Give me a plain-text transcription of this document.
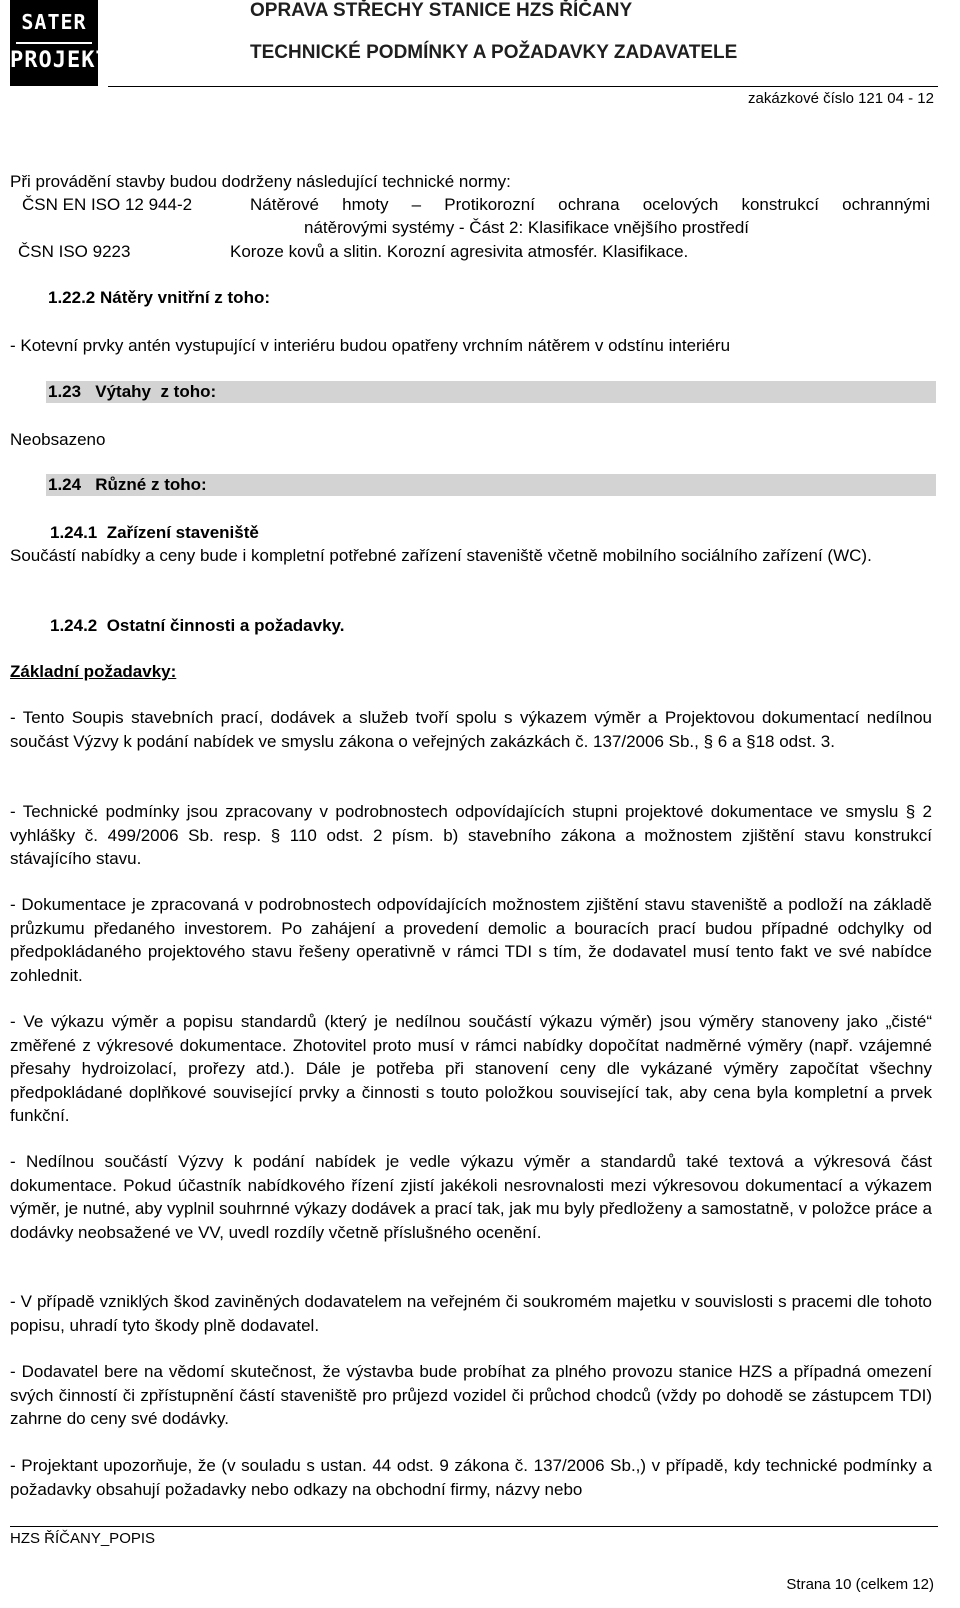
SATER
PROJEKT
OPRAVA STŘECHY STANICE HZS ŘÍČANY
TECHNICKÉ PODMÍNKY A POŽADAVKY ZADAVATELE
zakázkové číslo 121 04 - 12
Při provádění stavby budou dodrženy následující technické normy:
ČSN EN ISO 12 944-2	Nátěrové hmoty – Protikorozní ochrana ocelových konstrukcí ochrannými
nátěrovými systémy - Část 2: Klasifikace vnějšího prostředí
ČSN ISO 9223	Koroze kovů a slitin. Korozní agresivita atmosfér. Klasifikace.
1.22.2 Nátěry vnitřní z toho:
- Kotevní prvky antén vystupující v interiéru budou opatřeny vrchním nátěrem v odstínu interiéru
1.23   Výtahy  z toho:
Neobsazeno
1.24   Různé z toho:
1.24.1  Zařízení staveniště
Součástí nabídky a ceny bude i kompletní potřebné zařízení staveniště včetně mobilního sociálního zařízení (WC).
1.24.2  Ostatní činnosti a požadavky.
Základní požadavky:
- Tento Soupis stavebních prací, dodávek a služeb tvoří spolu s výkazem výměr a Projektovou dokumentací nedílnou součást Výzvy k podání nabídek ve smyslu zákona o veřejných zakázkách č. 137/2006 Sb., § 6 a §18 odst. 3.
- Technické podmínky jsou zpracovany v podrobnostech odpovídajících stupni projektové dokumentace ve smyslu § 2 vyhlášky č. 499/2006 Sb. resp. § 110 odst. 2 písm. b) stavebního zákona a možnostem zjištění stavu konstrukcí stávajícího stavu.
- Dokumentace je zpracovaná v podrobnostech odpovídajících možnostem zjištění stavu staveniště a podloží na základě průzkumu předaného investorem. Po zahájení a provedení demolic a bouracích prací budou případné odchylky od předpokládaného projektového stavu řešeny operativně v rámci TDI s tím, že dodavatel musí tento fakt ve své nabídce zohlednit.
- Ve výkazu výměr a popisu standardů (který je nedílnou součástí výkazu výměr) jsou výměry stanoveny jako „čisté“ změřené z výkresové dokumentace. Zhotovitel proto musí v rámci nabídky dopočítat nadměrné výměry (např. vzájemné přesahy hydroizolací, prořezy atd.). Dále je potřeba při stanovení ceny dle vykázané výměry započítat všechny předpokládané doplňkové související prvky a činnosti s touto položkou související tak, aby cena byla kompletní a prvek funkční.
- Nedílnou součástí Výzvy k podání nabídek je vedle výkazu výměr a standardů také textová a výkresová část dokumentace. Pokud účastník nabídkového řízení zjistí jakékoli nesrovnalosti mezi výkresovou dokumentací a výkazem výměr, je nutné, aby vyplnil souhrnné výkazy dodávek a prací tak, jak mu byly předloženy a samostatně, v položce práce a dodávky neobsažené ve VV, uvedl rozdíly včetně příslušného ocenění.
- V případě vzniklých škod zaviněných dodavatelem na veřejném či soukromém majetku v souvislosti s pracemi dle tohoto popisu, uhradí tyto škody plně dodavatel.
- Dodavatel bere na vědomí skutečnost, že výstavba bude probíhat za plného provozu stanice HZS a případná omezení svých činností či zpřístupnění částí staveniště pro průjezd vozidel či průchod chodců (vždy po dohodě se zástupcem TDI) zahrne do ceny své dodávky.
- Projektant upozorňuje, že (v souladu s ustan. 44 odst. 9 zákona č. 137/2006 Sb.,) v případě, kdy technické podmínky a požadavky obsahují požadavky nebo odkazy na obchodní firmy, názvy nebo
HZS ŘÍČANY_POPIS
Strana 10 (celkem 12)
